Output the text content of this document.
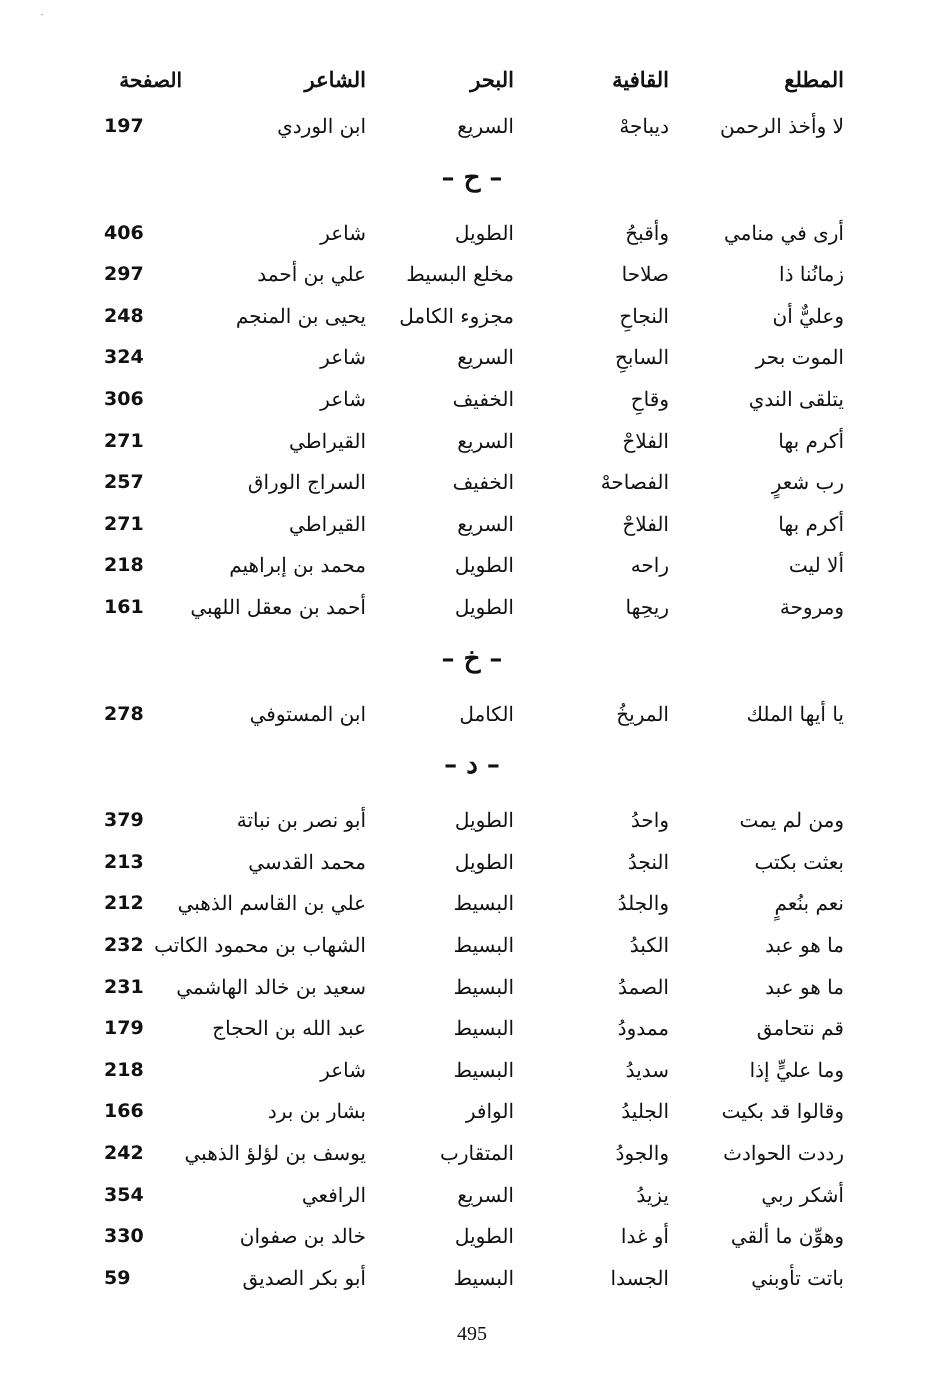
·
المطلع
القافية
البحر
الشاعر
الصفحة
لا وأخذ الرحمن
ديباجهْ
السريع
ابن الوردي
197
– ح –
أرى في منامي
وأقبحُ
الطويل
شاعر
406
زمانُنا ذا
صلاحا
مخلع البسيط
علي بن أحمد
297
وعليٌّ أن
النجاحِ
مجزوء الكامل
يحيى بن المنجم
248
الموت بحر
السابحِ
السريع
شاعر
324
يتلقى الندي
وقاحِ
الخفيف
شاعر
306
أكرم بها
الفلاحْ
السريع
القيراطي
271
رب شعرٍ
الفصاحهْ
الخفيف
السراج الوراق
257
أكرم بها
الفلاحْ
السريع
القيراطي
271
ألا ليت
راحه
الطويل
محمد بن إبراهيم
218
ومروحة
ريحِها
الطويل
أحمد بن معقل اللهبي
161
– خ –
يا أيها الملك
المريخُ
الكامل
ابن المستوفي
278
– د –
ومن لم يمت
واحدُ
الطويل
أبو نصر بن نباتة
379
بعثت بكتب
النجدُ
الطويل
محمد القدسي
213
نعم بنُعمٍ
والجلدُ
البسيط
علي بن القاسم الذهبي
212
ما هو عبد
الكبدُ
البسيط
الشهاب بن محمود الكاتب
232
ما هو عبد
الصمدُ
البسيط
سعيد بن خالد الهاشمي
231
قم نتحامق
ممدودُ
البسيط
عبد الله بن الحجاج
179
وما عليٍّ إذا
سديدُ
البسيط
شاعر
218
وقالوا قد بكيت
الجليدُ
الوافر
بشار بن برد
166
رددت الحوادث
والجودُ
المتقارب
يوسف بن لؤلؤ الذهبي
242
أشكر ربي
يزيدُ
السريع
الرافعي
354
وهوِّن ما ألقي
أو غدا
الطويل
خالد بن صفوان
330
باتت تأوبني
الجسدا
البسيط
أبو بكر الصديق
59
495
